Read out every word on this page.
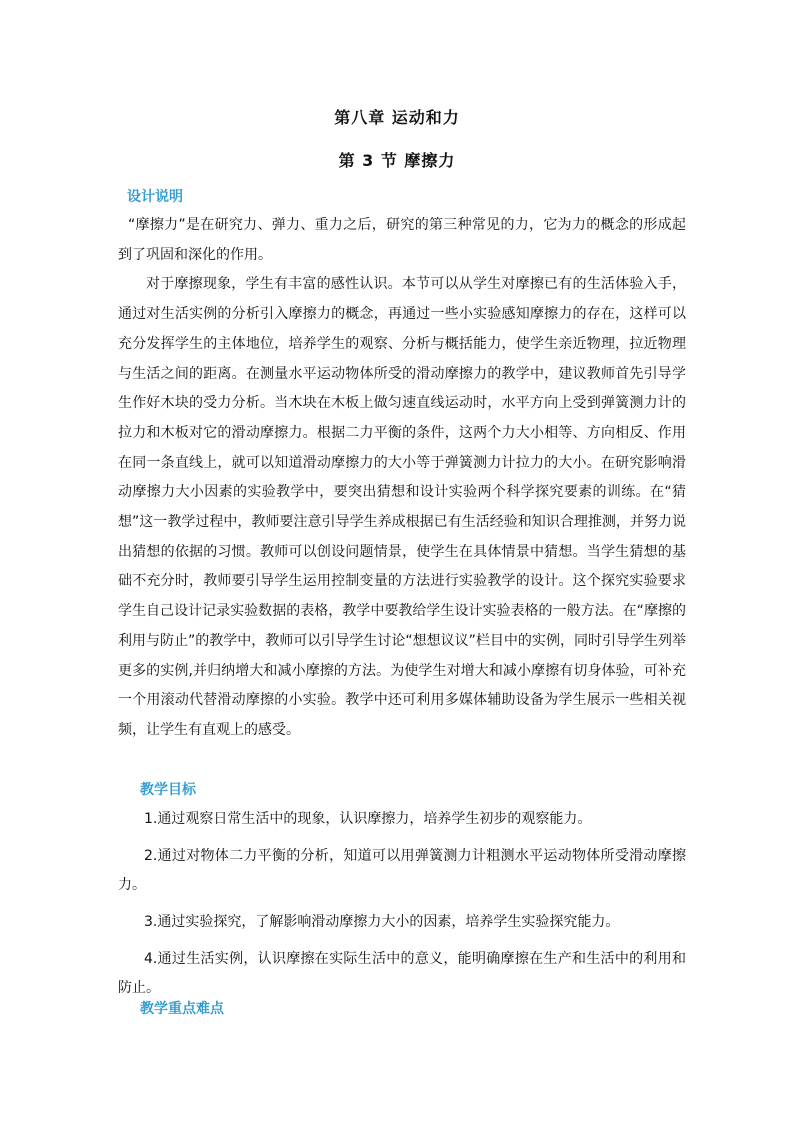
第八章 运动和力
第 3 节 摩擦力
设计说明

“摩擦力”是在研究力、弹力、重力之后，研究的第三种常见的力，它为力的概念的形成起到了巩固和深化的作用。

对于摩擦现象，学生有丰富的感性认识。本节可以从学生对摩擦已有的生活体验入手，通过对生活实例的分析引入摩擦力的概念，再通过一些小实验感知摩擦力的存在，这样可以充分发挥学生的主体地位，培养学生的观察、分析与概括能力，使学生亲近物理，拉近物理与生活之间的距离。在测量水平运动物体所受的滑动摩擦力的教学中，建议教师首先引导学生作好木块的受力分析。当木块在木板上做匀速直线运动时，水平方向上受到弹簧测力计的拉力和木板对它的滑动摩擦力。根据二力平衡的条件，这两个力大小相等、方向相反、作用在同一条直线上，就可以知道滑动摩擦力的大小等于弹簧测力计拉力的大小。在研究影响滑动摩擦力大小因素的实验教学中，要突出猜想和设计实验两个科学探究要素的训练。在“猜想”这一教学过程中，教师要注意引导学生养成根据已有生活经验和知识合理推测，并努力说出猜想的依据的习惯。教师可以创设问题情景，使学生在具体情景中猜想。当学生猜想的基础不充分时，教师要引导学生运用控制变量的方法进行实验教学的设计。这个探究实验要求学生自己设计记录实验数据的表格，教学中要教给学生设计实验表格的一般方法。在“摩擦的利用与防止”的教学中，教师可以引导学生讨论“想想议议”栏目中的实例，同时引导学生列举更多的实例,并归纳增大和减小摩擦的方法。为使学生对增大和减小摩擦有切身体验，可补充一个用滚动代替滑动摩擦的小实验。教学中还可利用多媒体辅助设备为学生展示一些相关视频，让学生有直观上的感受。

教学目标

1.通过观察日常生活中的现象，认识摩擦力，培养学生初步的观察能力。

2.通过对物体二力平衡的分析，知道可以用弹簧测力计粗测水平运动物体所受滑动摩擦力。

3.通过实验探究，了解影响滑动摩擦力大小的因素，培养学生实验探究能力。

4.通过生活实例，认识摩擦在实际生活中的意义，能明确摩擦在生产和生活中的利用和防止。

教学重点难点
